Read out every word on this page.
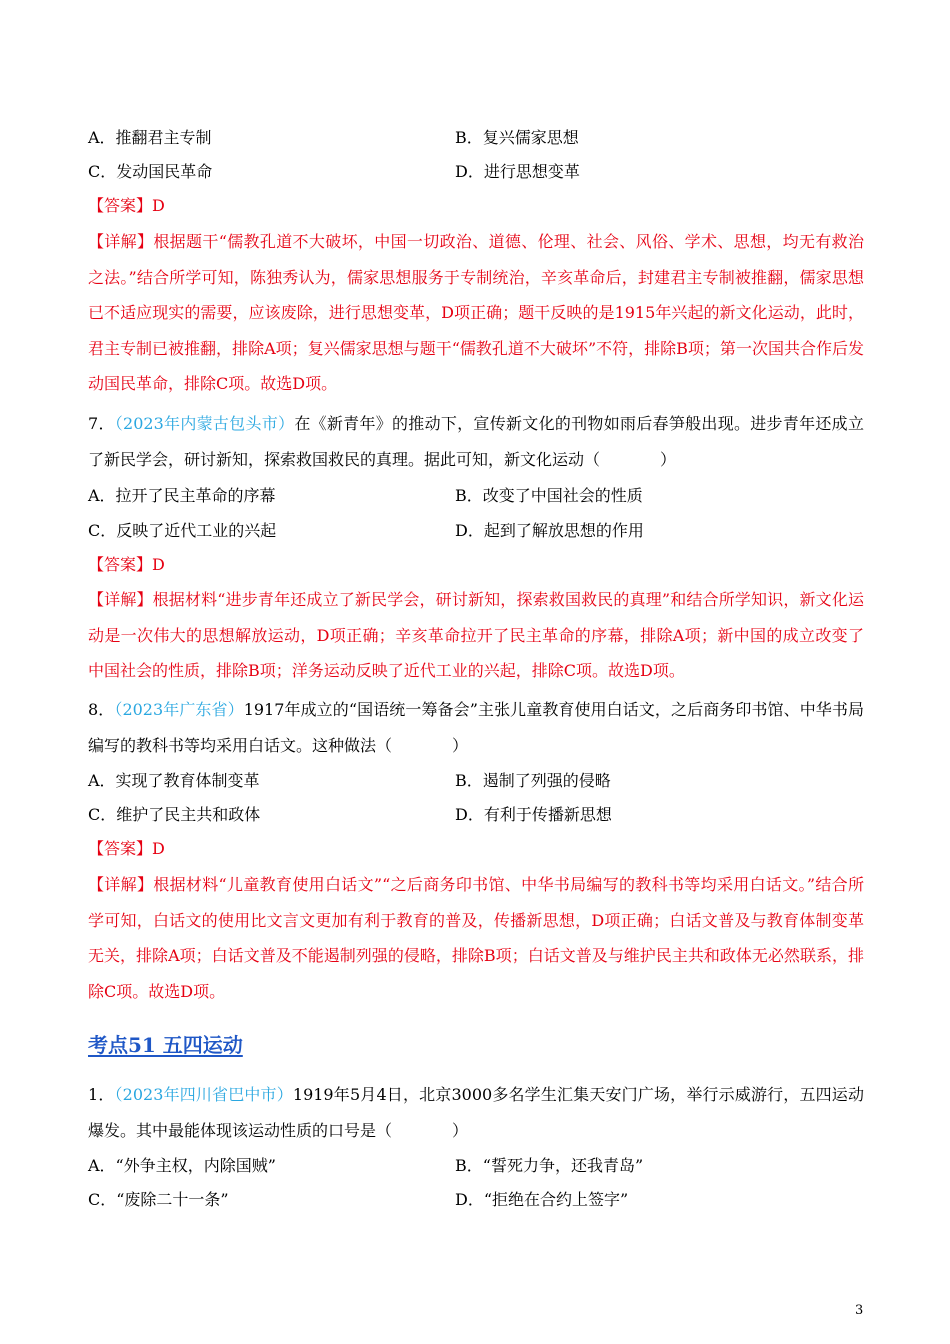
A．推翻君主专制	B．复兴儒家思想
C．发动国民革命	D．进行思想变革
【答案】D
【详解】根据题干“儒教孔道不大破坏，中国一切政治、道德、伦理、社会、风俗、学术、思想，均无有救治之法。”结合所学可知，陈独秀认为，儒家思想服务于专制统治，辛亥革命后，封建君主专制被推翻，儒家思想已不适应现实的需要，应该废除，进行思想变革，D项正确；题干反映的是1915年兴起的新文化运动，此时，君主专制已被推翻，排除A项；复兴儒家思想与题干“儒教孔道不大破坏”不符，排除B项；第一次国共合作后发动国民革命，排除C项。故选D项。
7．（2023年内蒙古包头市）在《新青年》的推动下，宣传新文化的刊物如雨后春笋般出现。进步青年还成立了新民学会，研讨新知，探索救国救民的真理。据此可知，新文化运动（	）
A．拉开了民主革命的序幕	B．改变了中国社会的性质
C．反映了近代工业的兴起	D．起到了解放思想的作用
【答案】D
【详解】根据材料“进步青年还成立了新民学会，研讨新知，探索救国救民的真理”和结合所学知识，新文化运动是一次伟大的思想解放运动，D项正确；辛亥革命拉开了民主革命的序幕，排除A项；新中国的成立改变了中国社会的性质，排除B项；洋务运动反映了近代工业的兴起，排除C项。故选D项。
8．（2023年广东省）1917年成立的“国语统一筹备会”主张儿童教育使用白话文，之后商务印书馆、中华书局编写的教科书等均采用白话文。这种做法（	）
A．实现了教育体制变革	B．遏制了列强的侵略
C．维护了民主共和政体	D．有利于传播新思想
【答案】D
【详解】根据材料“儿童教育使用白话文”“之后商务印书馆、中华书局编写的教科书等均采用白话文。”结合所学可知，白话文的使用比文言文更加有利于教育的普及，传播新思想，D项正确；白话文普及与教育体制变革无关，排除A项；白话文普及不能遏制列强的侵略，排除B项；白话文普及与维护民主共和政体无必然联系，排除C项。故选D项。
考点51 五四运动
1．（2023年四川省巴中市）1919年5月4日，北京3000多名学生汇集天安门广场，举行示威游行，五四运动爆发。其中最能体现该运动性质的口号是（	）
A．“外争主权，内除国贼”	B．“誓死力争，还我青岛”
C．“废除二十一条”	D．“拒绝在合约上签字”
3
